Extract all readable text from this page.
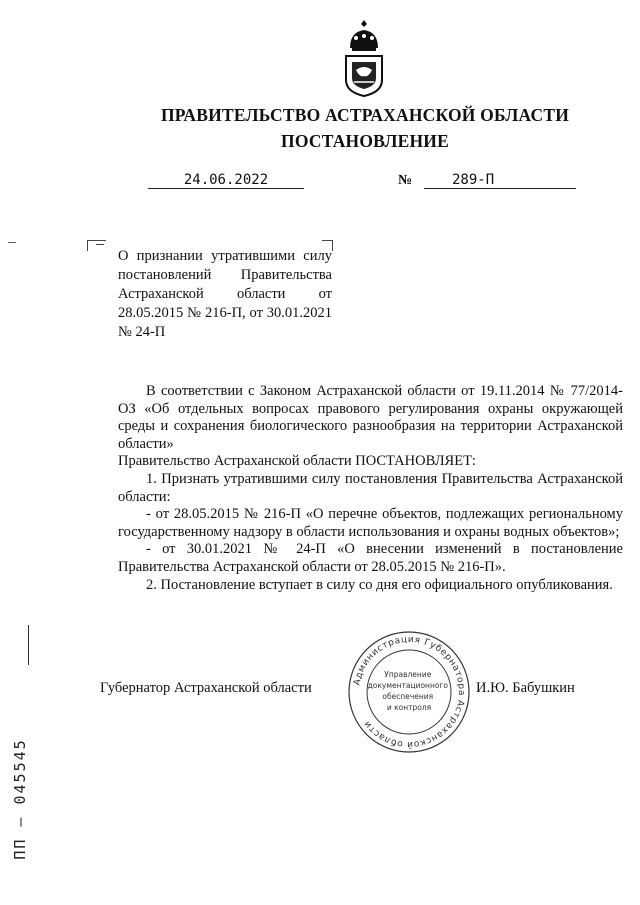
ПРАВИТЕЛЬСТВО АСТРАХАНСКОЙ ОБЛАСТИ
ПОСТАНОВЛЕНИЕ
24.06.2022	№	289-П

О признании утратившими силу постановлений Правительства Астраханской области от 28.05.2015 № 216-П, от 30.01.2021 № 24-П

В соответствии с Законом Астраханской области от 19.11.2014 № 77/2014-ОЗ «Об отдельных вопросах правового регулирования охраны окружающей среды и сохранения биологического разнообразия на территории Астраханской области»

Правительство Астраханской области ПОСТАНОВЛЯЕТ:

1. Признать утратившими силу постановления Правительства Астраханской области:

- от 28.05.2015 № 216-П «О перечне объектов, подлежащих региональному государственному надзору в области использования и охраны водных объектов»;

- от 30.01.2021 № 24-П «О внесении изменений в постановление Правительства Астраханской области от 28.05.2015 № 216-П».

2. Постановление вступает в силу со дня его официального опубликования.

Губернатор Астраханской области	И.Ю. Бабушкин
Администрация Губернатора Астраханской области
Управление документационного обеспечения и контроля
ПП – 045545
